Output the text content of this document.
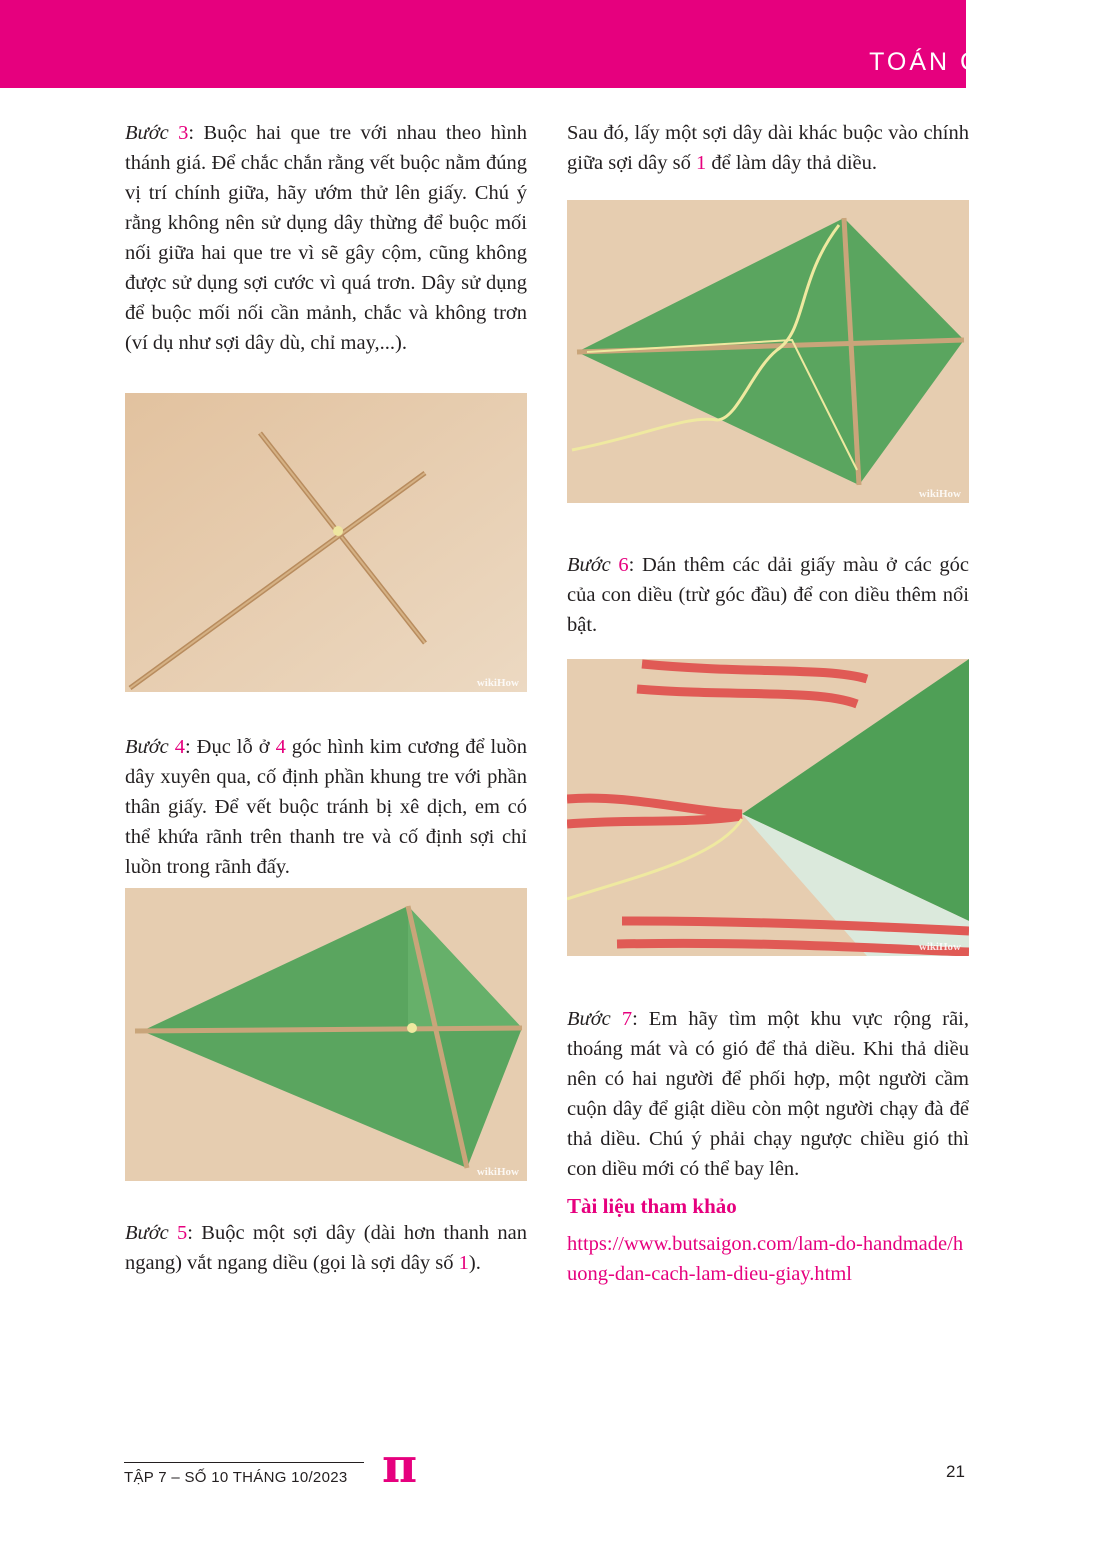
TOÁN CỦA BI

Bước 3: Buộc hai que tre với nhau theo hình thánh giá. Để chắc chắn rằng vết buộc nằm đúng vị trí chính giữa, hãy ướm thử lên giấy. Chú ý rằng không nên sử dụng dây thừng để buộc mối nối giữa hai que tre vì sẽ gây cộm, cũng không được sử dụng sợi cước vì quá trơn. Dây sử dụng để buộc mối nối cần mảnh, chắc và không trơn (ví dụ như sợi dây dù, chỉ may,...).

wikiHow

Bước 4: Đục lỗ ở 4 góc hình kim cương để luồn dây xuyên qua, cố định phần khung tre với phần thân giấy. Để vết buộc tránh bị xê dịch, em có thể khứa rãnh trên thanh tre và cố định sợi chỉ luồn trong rãnh đấy.

wikiHow

Bước 5: Buộc một sợi dây (dài hơn thanh nan ngang) vắt ngang diều (gọi là sợi dây số 1).

Sau đó, lấy một sợi dây dài khác buộc vào chính giữa sợi dây số 1 để làm dây thả diều.

wikiHow

Bước 6: Dán thêm các dải giấy màu ở các góc của con diều (trừ góc đầu) để con diều thêm nổi bật.

wikiHow

Bước 7: Em hãy tìm một khu vực rộng rãi, thoáng mát và có gió để thả diều. Khi thả diều nên có hai người để phối hợp, một người cầm cuộn dây để giật diều còn một người chạy đà để thả diều. Chú ý phải chạy ngược chiều gió thì con diều mới có thể bay lên.

Tài liệu tham khảo

https://www.butsaigon.com/lam-do-handmade/huong-dan-cach-lam-dieu-giay.html
TẬP 7 – SỐ 10 THÁNG 10/2023 π	21
